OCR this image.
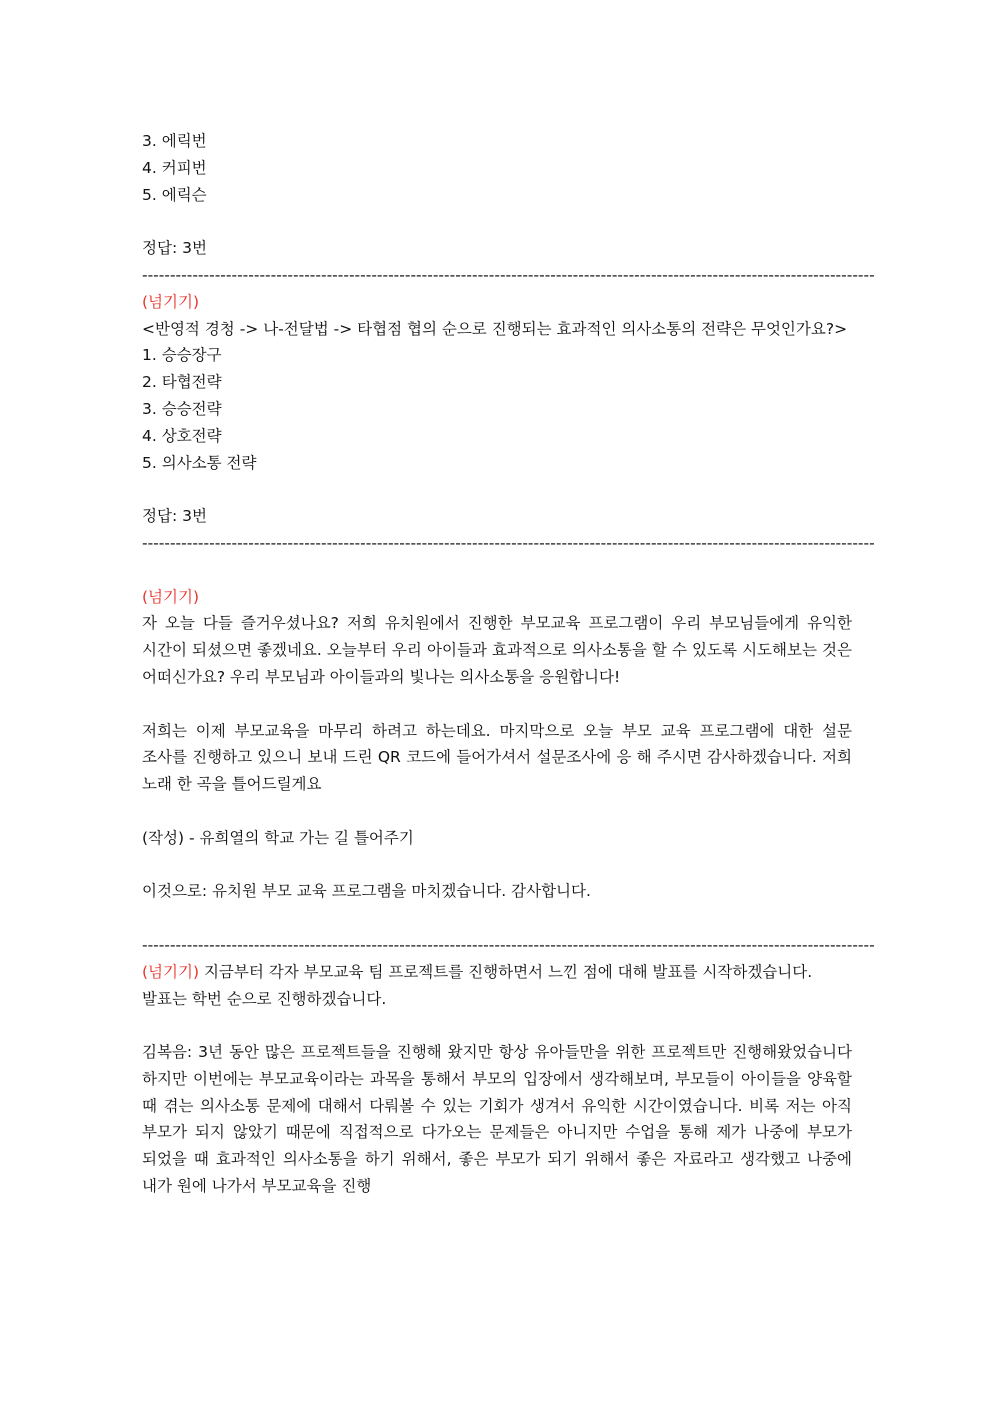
3. 에릭번
4. 커피번
5. 에릭슨
정답: 3번
-----------------------------------------------------------------------------------------------------------------------------------
(넘기기)
<반영적 경청 -> 나-전달법 -> 타협점 협의 순으로 진행되는 효과적인 의사소통의 전략은 무엇인가요?>
1. 승승장구
2. 타협전략
3. 승승전략
4. 상호전략
5. 의사소통 전략
정답: 3번
-----------------------------------------------------------------------------------------------------------------------------------
(넘기기)
자 오늘 다들 즐거우셨나요? 저희 유치원에서 진행한 부모교육 프로그램이 우리 부모님들에게 유익한 시간이 되셨으면 좋겠네요. 오늘부터 우리 아이들과 효과적으로 의사소통을 할 수 있도록 시도해보는 것은 어떠신가요? 우리 부모님과 아이들과의 빛나는 의사소통을 응원합니다!
저희는 이제 부모교육을 마무리 하려고 하는데요. 마지막으로 오늘 부모 교육 프로그램에 대한 설문 조사를 진행하고 있으니 보내 드린 QR 코드에 들어가셔서 설문조사에 응 해 주시면 감사하겠습니다. 저희 노래 한 곡을 틀어드릴게요
(작성) - 유희열의 학교 가는 길 틀어주기
이것으로: 유치원 부모 교육 프로그램을 마치겠습니다. 감사합니다.
-----------------------------------------------------------------------------------------------------------------------------------
(넘기기) 지금부터 각자 부모교육 팀 프로젝트를 진행하면서 느낀 점에 대해 발표를 시작하겠습니다.
발표는 학번 순으로 진행하겠습니다.
김복음: 3년 동안 많은 프로젝트들을 진행해 왔지만 항상 유아들만을 위한 프로젝트만 진행해왔었습니다 하지만 이번에는 부모교육이라는 과목을 통해서 부모의 입장에서 생각해보며, 부모들이 아이들을 양육할 때 겪는 의사소통 문제에 대해서 다뤄볼 수 있는 기회가 생겨서 유익한 시간이였습니다. 비록 저는 아직 부모가 되지 않았기 때문에 직접적으로 다가오는 문제들은 아니지만 수업을 통해 제가 나중에 부모가 되었을 때 효과적인 의사소통을 하기 위해서, 좋은 부모가 되기 위해서 좋은 자료라고 생각했고 나중에 내가 원에 나가서 부모교육을 진행
